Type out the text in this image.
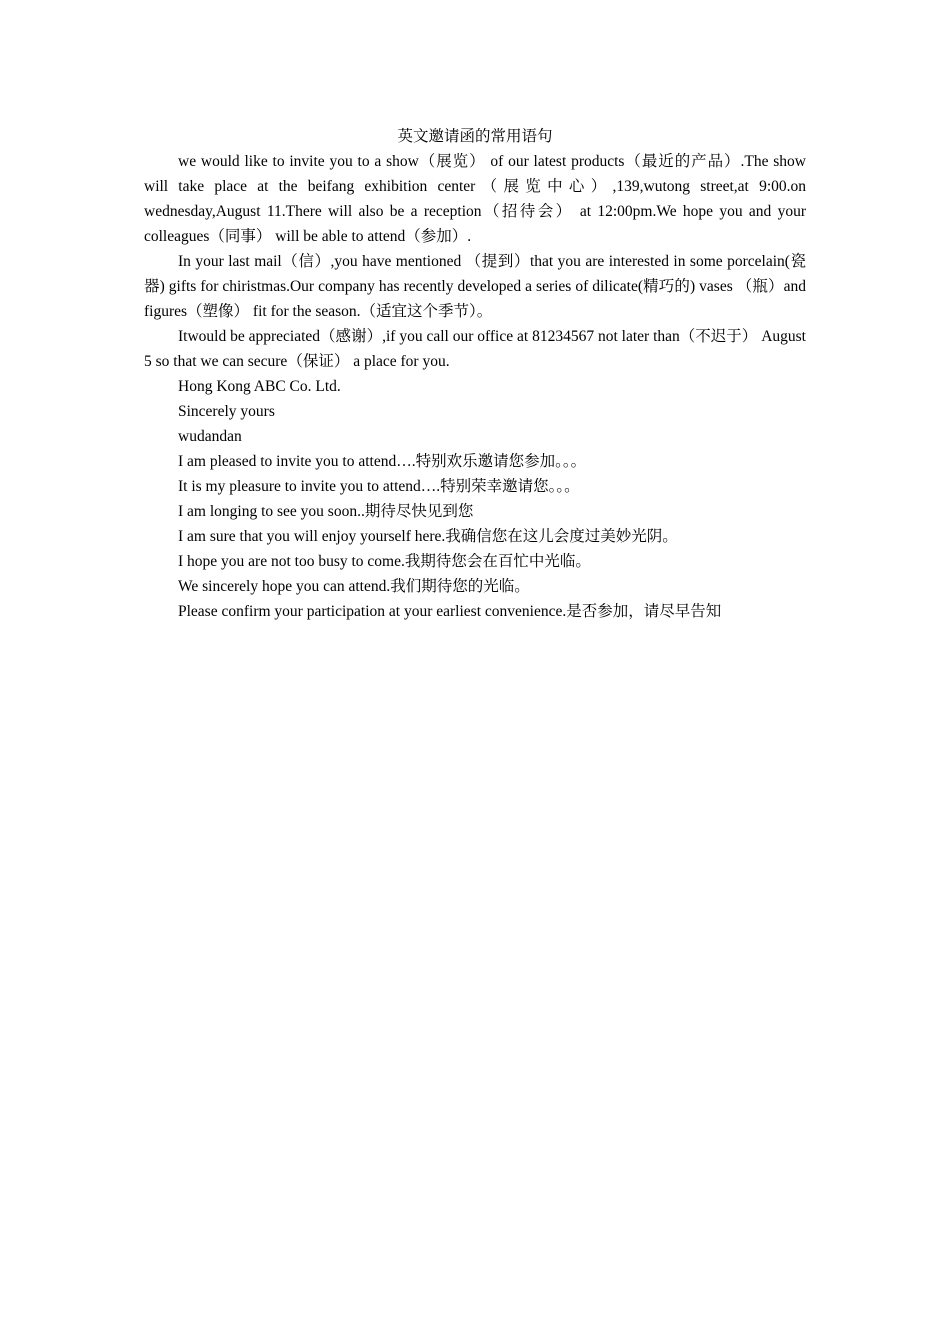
英文邀请函的常用语句

we would like to invite you to a show（展览） of our latest products（最近的产品）.The show will take place at the beifang exhibition center（展览中心）,139,wutong street,at 9:00.on wednesday,August 11.There will also be a reception（招待会） at 12:00pm.We hope you and your colleagues（同事） will be able to attend（参加）.

In your last mail（信）,you have mentioned （提到）that you are interested in some porcelain(瓷器) gifts for chiristmas.Our company has recently developed a series of dilicate(精巧的) vases （瓶）and figures（塑像） fit for the season.（适宜这个季节）。

Itwould be appreciated（感谢）,if you call our office at 81234567 not later than（不迟于） August 5 so that we can secure（保证） a place for you.

Hong Kong ABC Co. Ltd.

Sincerely yours

wudandan

I am pleased to invite you to attend….特别欢乐邀请您参加。。。

It is my pleasure to invite you to attend….特别荣幸邀请您。。。

I am longing to see you soon..期待尽快见到您

I am sure that you will enjoy yourself here.我确信您在这儿会度过美妙光阴。

I hope you are not too busy to come.我期待您会在百忙中光临。

We sincerely hope you can attend.我们期待您的光临。

Please confirm your participation at your earliest convenience.是否参加，请尽早告知
